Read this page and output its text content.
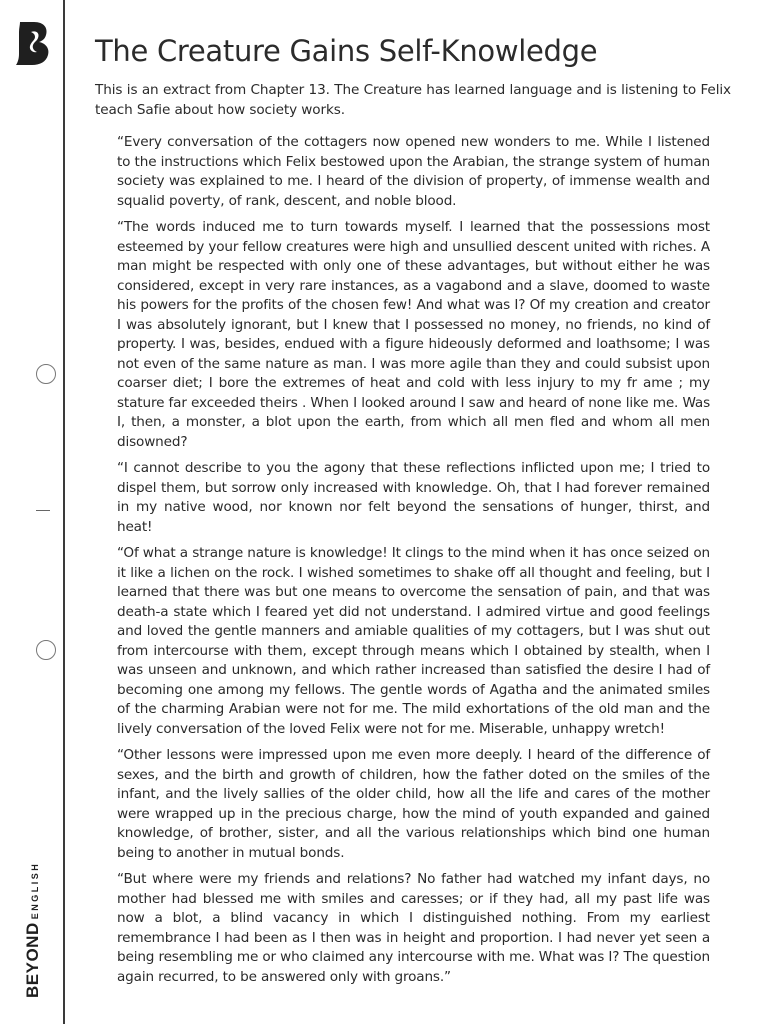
BEYONDENGLISH
The Creature Gains Self-Knowledge

This is an extract from Chapter 13. The Creature has learned language and is listening to Felix teach Safie about how society works.

“Every conversation of the cottagers now opened new wonders to me. While I listened to the instructions which Felix bestowed upon the Arabian, the strange system of human society was explained to me. I heard of the division of property, of immense wealth and squalid poverty, of rank, descent, and noble blood.

“The words induced me to turn towards myself. I learned that the possessions most esteemed by your fellow creatures were high and unsullied descent united with riches. A man might be respected with only one of these advantages, but without either he was considered, except in very rare instances, as a vagabond and a slave, doomed to waste his powers for the profits of the chosen few! And what was I? Of my creation and creator I was absolutely ignorant, but I knew that I possessed no money, no friends, no kind of property. I was, besides, endued with a figure hideously deformed and loathsome; I was not even of the same nature as man. I was more agile than they and could subsist upon coarser diet; I bore the extremes of heat and cold with less injury to my fr ame ; my stature far exceeded theirs . When I looked around I saw and heard of none like me. Was I, then, a monster, a blot upon the earth, from which all men fled and whom all men disowned?

“I cannot describe to you the agony that these reflections inflicted upon me; I tried to dispel them, but sorrow only increased with knowledge. Oh, that I had forever remained in my native wood, nor known nor felt beyond the sensations of hunger, thirst, and heat!

“Of what a strange nature is knowledge! It clings to the mind when it has once seized on it like a lichen on the rock. I wished sometimes to shake off all thought and feeling, but I learned that there was but one means to overcome the sensation of pain, and that was death-a state which I feared yet did not understand. I admired virtue and good feelings and loved the gentle manners and amiable qualities of my cottagers, but I was shut out from intercourse with them, except through means which I obtained by stealth, when I was unseen and unknown, and which rather increased than satisfied the desire I had of becoming one among my fellows. The gentle words of Agatha and the animated smiles of the charming Arabian were not for me. The mild exhortations of the old man and the lively conversation of the loved Felix were not for me. Miserable, unhappy wretch!

“Other lessons were impressed upon me even more deeply. I heard of the difference of sexes, and the birth and growth of children, how the father doted on the smiles of the infant, and the lively sallies of the older child, how all the life and cares of the mother were wrapped up in the precious charge, how the mind of youth expanded and gained knowledge, of brother, sister, and all the various relationships which bind one human being to another in mutual bonds.

“But where were my friends and relations? No father had watched my infant days, no mother had blessed me with smiles and caresses; or if they had, all my past life was now a blot, a blind vacancy in which I distinguished nothing. From my earliest remembrance I had been as I then was in height and proportion. I had never yet seen a being resembling me or who claimed any intercourse with me. What was I? The question again recurred, to be answered only with groans.”
